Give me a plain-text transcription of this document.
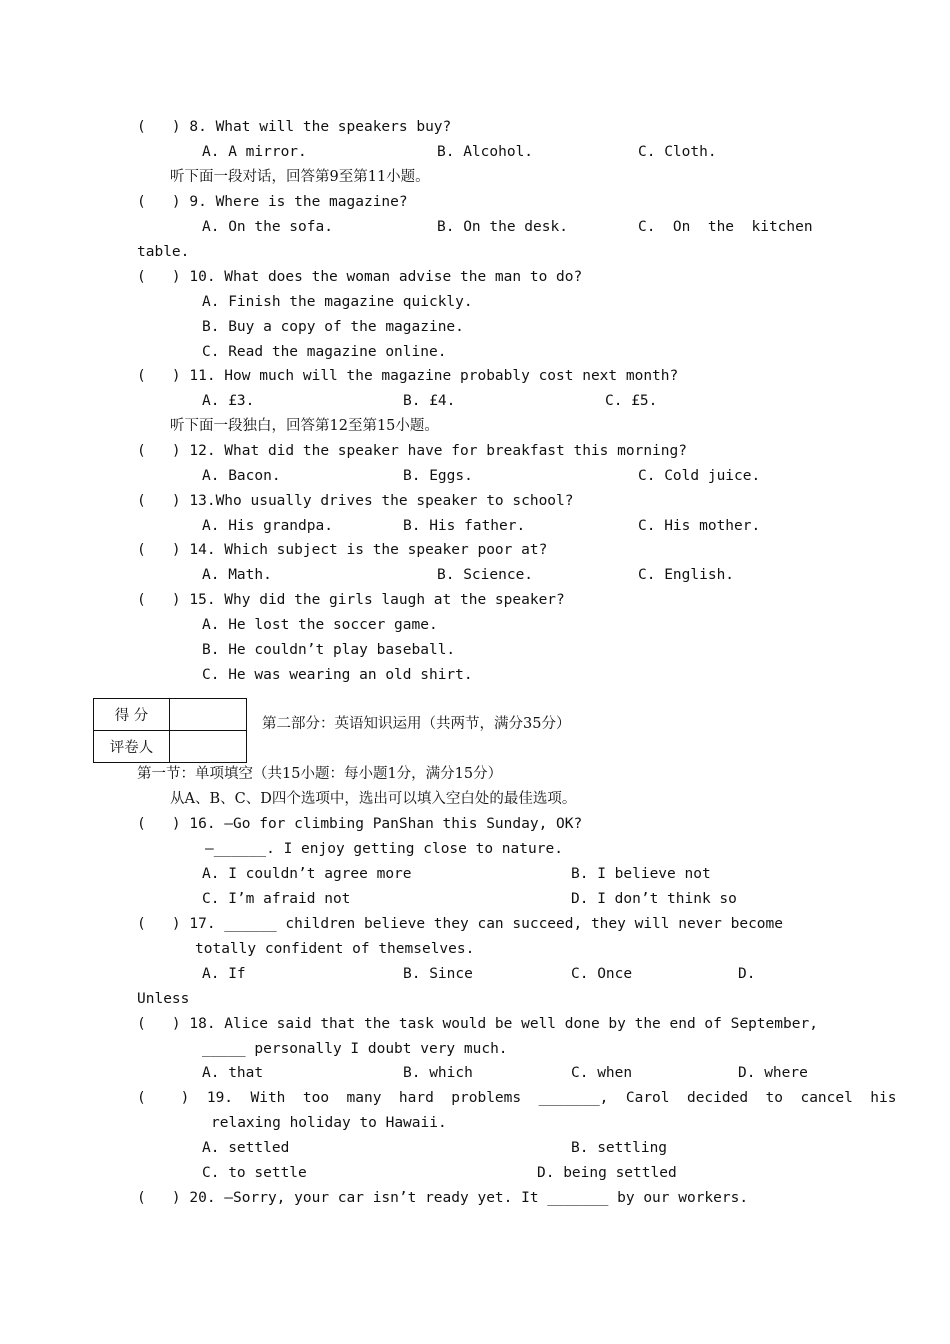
(   ) 8. What will the speakers buy?
A. A mirror.	B. Alcohol.	C. Cloth.
听下面一段对话，回答第9至第11小题。
(   ) 9. Where is the magazine?
A. On the sofa.	B. On the desk.	C.  On  the  kitchen
table.
(   ) 10. What does the woman advise the man to do?
A. Finish the magazine quickly.
B. Buy a copy of the magazine.
C. Read the magazine online.
(   ) 11. How much will the magazine probably cost next month?
A. £3.	B. £4.	C. £5.
听下面一段独白，回答第12至第15小题。
(   ) 12. What did the speaker have for breakfast this morning?
A. Bacon.	B. Eggs.	C. Cold juice.
(   ) 13.Who usually drives the speaker to school?
A. His grandpa.	B. His father.	C. His mother.
(   ) 14. Which subject is the speaker poor at?
A. Math.	B. Science.	C. English.
(   ) 15. Why did the girls laugh at the speaker?
A. He lost the soccer game.
B. He couldn’t play baseball.
C. He was wearing an old shirt.
第二部分：英语知识运用（共两节，满分35分）
第一节：单项填空（共15小题：每小题1分，满分15分）
从A、B、C、D四个选项中，选出可以填入空白处的最佳选项。
(   ) 16. —Go for climbing PanShan this Sunday, OK?
—______. I enjoy getting close to nature.
A. I couldn’t agree more	B. I believe not
C. I’m afraid not	D. I don’t think so
(   ) 17. ______ children believe they can succeed, they will never become
totally confident of themselves.
A. If	B. Since	C. Once	D.
Unless
(   ) 18. Alice said that the task would be well done by the end of September,
_____ personally I doubt very much.
A. that	B. which	C. when	D. where
(    )  19.  With  too  many  hard  problems  _______,  Carol  decided  to  cancel  his
relaxing holiday to Hawaii.
A. settled	B. settling
C. to settle	D. being settled
(   ) 20. —Sorry, your car isn’t ready yet. It _______ by our workers.
得 分	
评卷人	
